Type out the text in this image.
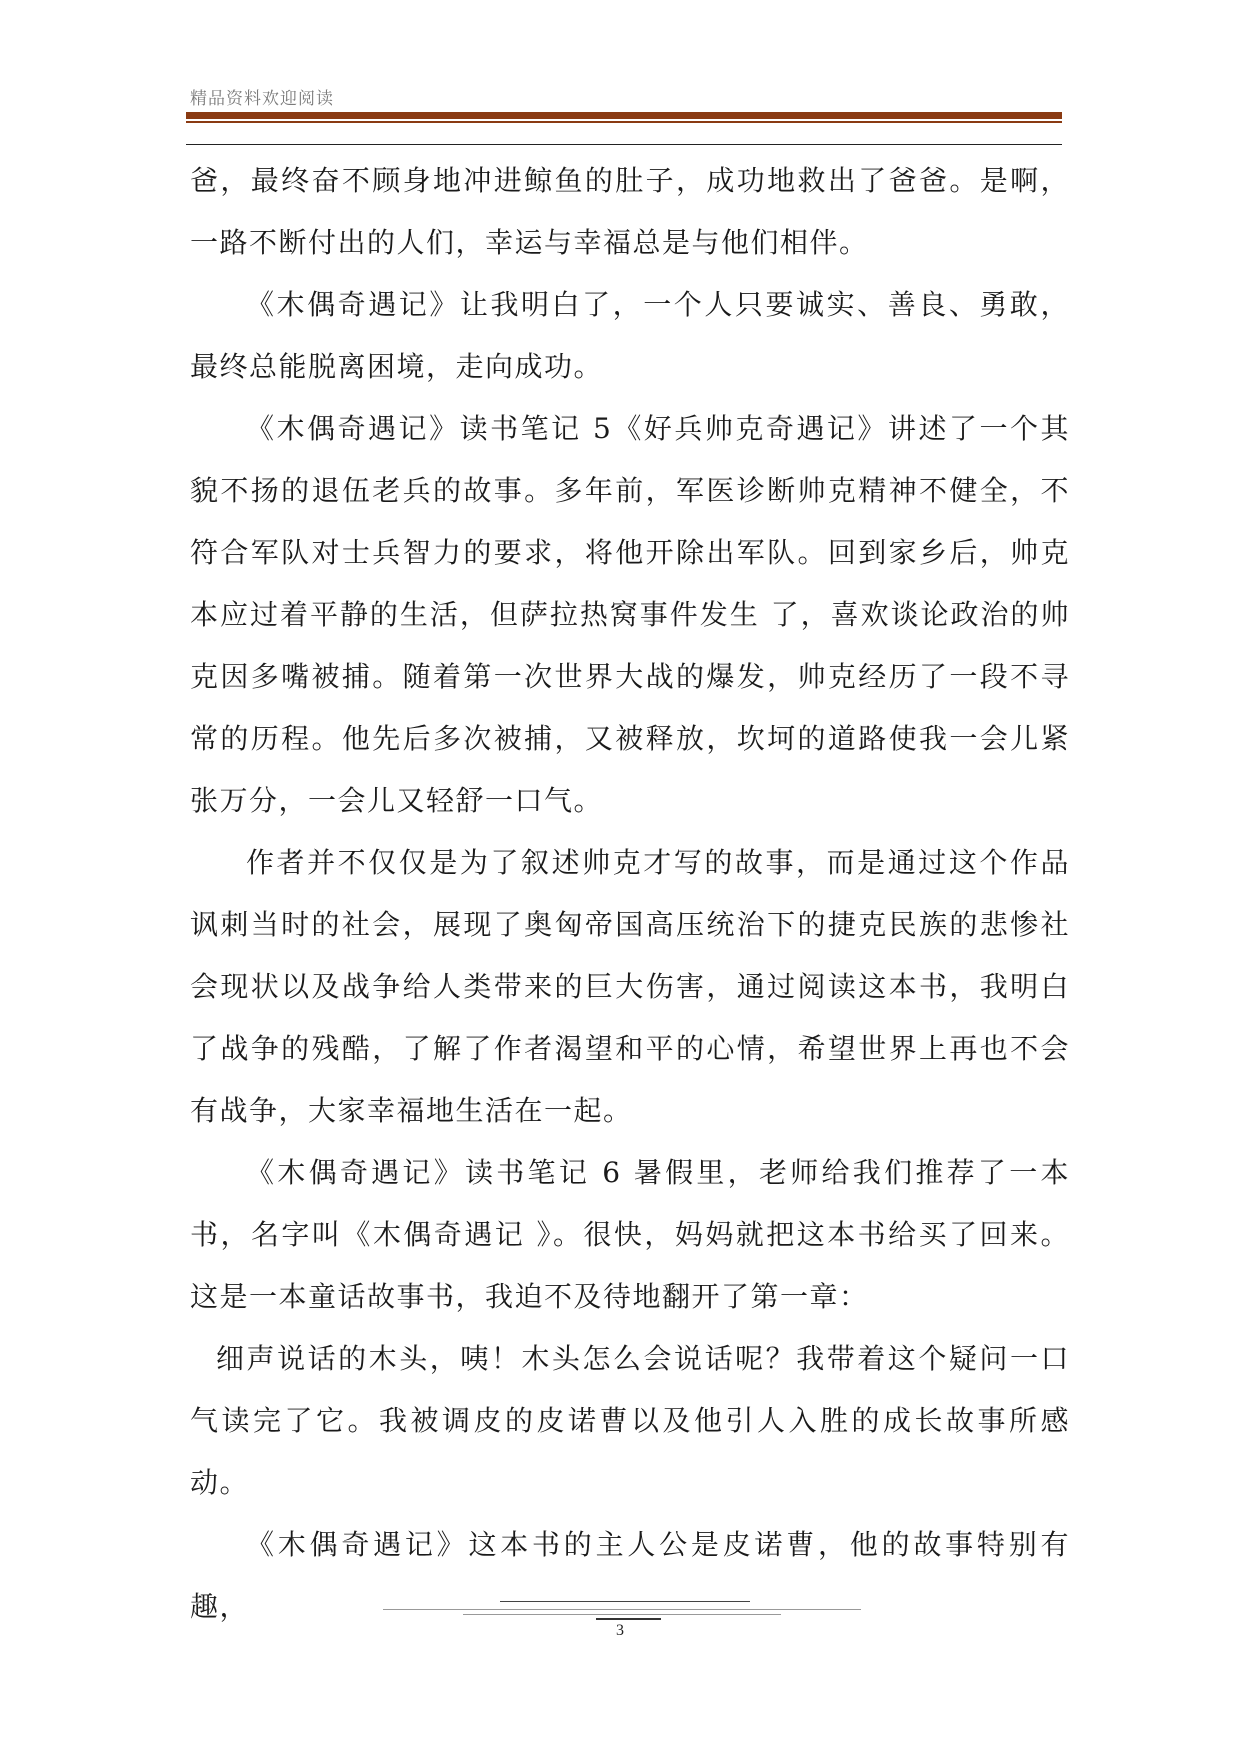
精品资料欢迎阅读

爸，最终奋不顾身地冲进鲸鱼的肚子，成功地救出了爸爸。是啊，一路不断付出的人们，幸运与幸福总是与他们相伴。

《木偶奇遇记》让我明白了，一个人只要诚实、善良、勇敢，最终总能脱离困境，走向成功。

《木偶奇遇记》读书笔记 5《好兵帅克奇遇记》讲述了一个其貌不扬的退伍老兵的故事。多年前，军医诊断帅克精神不健全，不符合军队对士兵智力的要求，将他开除出军队。回到家乡后，帅克本应过着平静的生活，但萨拉热窝事件发生 了，喜欢谈论政治的帅克因多嘴被捕。随着第一次世界大战的爆发，帅克经历了一段不寻常的历程。他先后多次被捕，又被释放，坎坷的道路使我一会儿紧张万分，一会儿又轻舒一口气。

作者并不仅仅是为了叙述帅克才写的故事，而是通过这个作品讽刺当时的社会，展现了奥匈帝国高压统治下的捷克民族的悲惨社会现状以及战争给人类带来的巨大伤害，通过阅读这本书，我明白了战争的残酷，了解了作者渴望和平的心情，希望世界上再也不会有战争，大家幸福地生活在一起。

《木偶奇遇记》读书笔记 6 暑假里，老师给我们推荐了一本书，名字叫《木偶奇遇记 》。很快，妈妈就把这本书给买了回来。这是一本童话故事书，我迫不及待地翻开了第一章：

细声说话的木头，咦！木头怎么会说话呢？我带着这个疑问一口气读完了它。我被调皮的皮诺曹以及他引人入胜的成长故事所感动。

《木偶奇遇记》这本书的主人公是皮诺曹，他的故事特别有趣，

3
